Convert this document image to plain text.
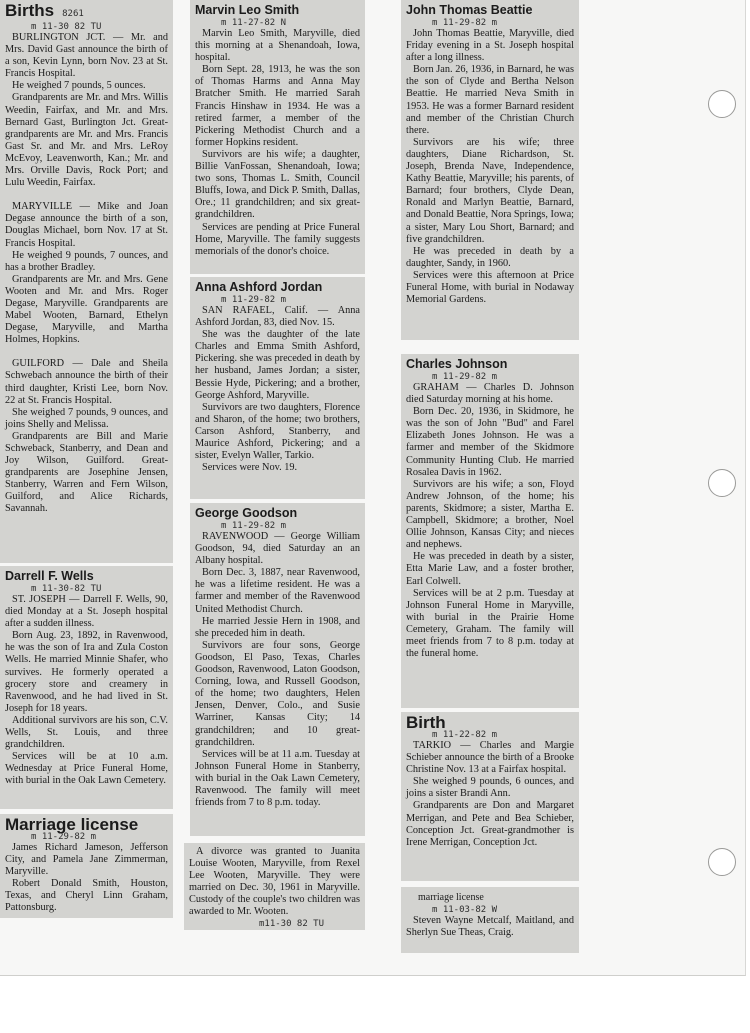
Births 8261
m 11-30 82 TU

BURLINGTON JCT. — Mr. and Mrs. David Gast announce the birth of a son, Kevin Lynn, born Nov. 23 at St. Francis Hospital.

He weighed 7 pounds, 5 ounces.

Grandparents are Mr. and Mrs. Willis Weedin, Fairfax, and Mr. and Mrs. Bernard Gast, Burlington Jct. Great-grandparents are Mr. and Mrs. Francis Gast Sr. and Mr. and Mrs. LeRoy McEvoy, Leavenworth, Kan.; Mr. and Mrs. Orville Davis, Rock Port; and Lulu Weedin, Fairfax.

MARYVILLE — Mike and Joan Degase announce the birth of a son, Douglas Michael, born Nov. 17 at St. Francis Hospital.

He weighed 9 pounds, 7 ounces, and has a brother Bradley.

Grandparents are Mr. and Mrs. Gene Wooten and Mr. and Mrs. Roger Degase, Maryville. Grandparents are Mabel Wooten, Barnard, Ethelyn Degase, Maryville, and Martha Holmes, Hopkins.

GUILFORD — Dale and Sheila Schwebach announce the birth of their third daughter, Kristi Lee, born Nov. 22 at St. Francis Hospital.

She weighed 7 pounds, 9 ounces, and joins Shelly and Melissa.

Grandparents are Bill and Marie Schweback, Stanberry, and Dean and Joy Wilson, Guilford. Great-grandparents are Josephine Jensen, Stanberry, Warren and Fern Wilson, Guilford, and Alice Richards, Savannah.

Darrell F. Wells
m 11-30-82 TU

ST. JOSEPH — Darrell F. Wells, 90, died Monday at a St. Joseph hospital after a sudden illness.

Born Aug. 23, 1892, in Ravenwood, he was the son of Ira and Zula Coston Wells. He married Minnie Shafer, who survives. He formerly operated a grocery store and creamery in Ravenwood, and he had lived in St. Joseph for 18 years.

Additional survivors are his son, C.V. Wells, St. Louis, and three grandchildren.

Services will be at 10 a.m. Wednesday at Price Funeral Home, with burial in the Oak Lawn Cemetery.

Marriage license
m 11-29-82 m

James Richard Jameson, Jefferson City, and Pamela Jane Zimmerman, Maryville.

Robert Donald Smith, Houston, Texas, and Cheryl Linn Graham, Pattonsburg.

Marvin Leo Smith
m 11-27-82 N

Marvin Leo Smith, Maryville, died this morning at a Shenandoah, Iowa, hospital.

Born Sept. 28, 1913, he was the son of Thomas Harms and Anna May Bratcher Smith. He married Sarah Francis Hinshaw in 1934. He was a retired farmer, a member of the Pickering Methodist Church and a former Hopkins resident.

Survivors are his wife; a daughter, Billie VanFossan, Shenandoah, Iowa; two sons, Thomas L. Smith, Council Bluffs, Iowa, and Dick P. Smith, Dallas, Ore.; 11 grandchildren; and six great-grandchildren.

Services are pending at Price Funeral Home, Maryville. The family suggests memorials of the donor's choice.

Anna Ashford Jordan
m 11-29-82 m

SAN RAFAEL, Calif. — Anna Ashford Jordan, 83, died Nov. 15.

She was the daughter of the late Charles and Emma Smith Ashford, Pickering. she was preceded in death by her husband, James Jordan; a sister, Bessie Hyde, Pickering; and a brother, George Ashford, Maryville.

Survivors are two daughters, Florence and Sharon, of the home; two brothers, Carson Ashford, Stanberry, and Maurice Ashford, Pickering; and a sister, Evelyn Waller, Tarkio.

Services were Nov. 19.

George Goodson
m 11-29-82 m

RAVENWOOD — George William Goodson, 94, died Saturday an an Albany hospital.

Born Dec. 3, 1887, near Ravenwood, he was a lifetime resident. He was a farmer and member of the Ravenwood United Methodist Church.

He married Jessie Hern in 1908, and she preceded him in death.

Survivors are four sons, George Goodson, El Paso, Texas, Charles Goodson, Ravenwood, Laton Goodson, Corning, Iowa, and Russell Goodson, of the home; two daughters, Helen Jensen, Denver, Colo., and Susie Warriner, Kansas City; 14 grandchildren; and 10 great-grandchildren.

Services will be at 11 a.m. Tuesday at Johnson Funeral Home in Stanberry, with burial in the Oak Lawn Cemetery, Ravenwood. The family will meet friends from 7 to 8 p.m. today.

A divorce was granted to Juanita Louise Wooten, Maryville, from Rexel Lee Wooten, Maryville. They were married on Dec. 30, 1961 in Maryville. Custody of the couple's two children was awarded to Mr. Wooten.

m11-30 82 TU
John Thomas Beattie
m 11-29-82 m

John Thomas Beattie, Maryville, died Friday evening in a St. Joseph hospital after a long illness.

Born Jan. 26, 1936, in Barnard, he was the son of Clyde and Bertha Nelson Beattie. He married Neva Smith in 1953. He was a former Barnard resident and member of the Christian Church there.

Survivors are his wife; three daughters, Diane Richardson, St. Joseph, Brenda Nave, Independence, Kathy Beattie, Maryville; his parents, of Barnard; four brothers, Clyde Dean, Ronald and Marlyn Beattie, Barnard, and Donald Beattie, Nora Springs, Iowa; a sister, Mary Lou Short, Barnard; and five grandchildren.

He was preceded in death by a daughter, Sandy, in 1960.

Services were this afternoon at Price Funeral Home, with burial in Nodaway Memorial Gardens.

Charles Johnson
m 11-29-82 m

GRAHAM — Charles D. Johnson died Saturday morning at his home.

Born Dec. 20, 1936, in Skidmore, he was the son of John "Bud" and Farel Elizabeth Jones Johnson. He was a farmer and member of the Skidmore Community Hunting Club. He married Rosalea Davis in 1962.

Survivors are his wife; a son, Floyd Andrew Johnson, of the home; his parents, Skidmore; a sister, Martha E. Campbell, Skidmore; a brother, Noel Ollie Johnson, Kansas City; and nieces and nephews.

He was preceded in death by a sister, Etta Marie Law, and a foster brother, Earl Colwell.

Services will be at 2 p.m. Tuesday at Johnson Funeral Home in Maryville, with burial in the Prairie Home Cemetery, Graham. The family will meet friends from 7 to 8 p.m. today at the funeral home.

Birth
m 11-22-82 m

TARKIO — Charles and Margie Schieber announce the birth of a Brooke Christine Nov. 13 at a Fairfax hospital.

She weighed 9 pounds, 6 ounces, and joins a sister Brandi Ann.

Grandparents are Don and Margaret Merrigan, and Pete and Bea Schieber, Conception Jct. Great-grandmother is Irene Merrigan, Conception Jct.

marriage license
m 11-03-82 W

Steven Wayne Metcalf, Maitland, and Sherlyn Sue Theas, Craig.
